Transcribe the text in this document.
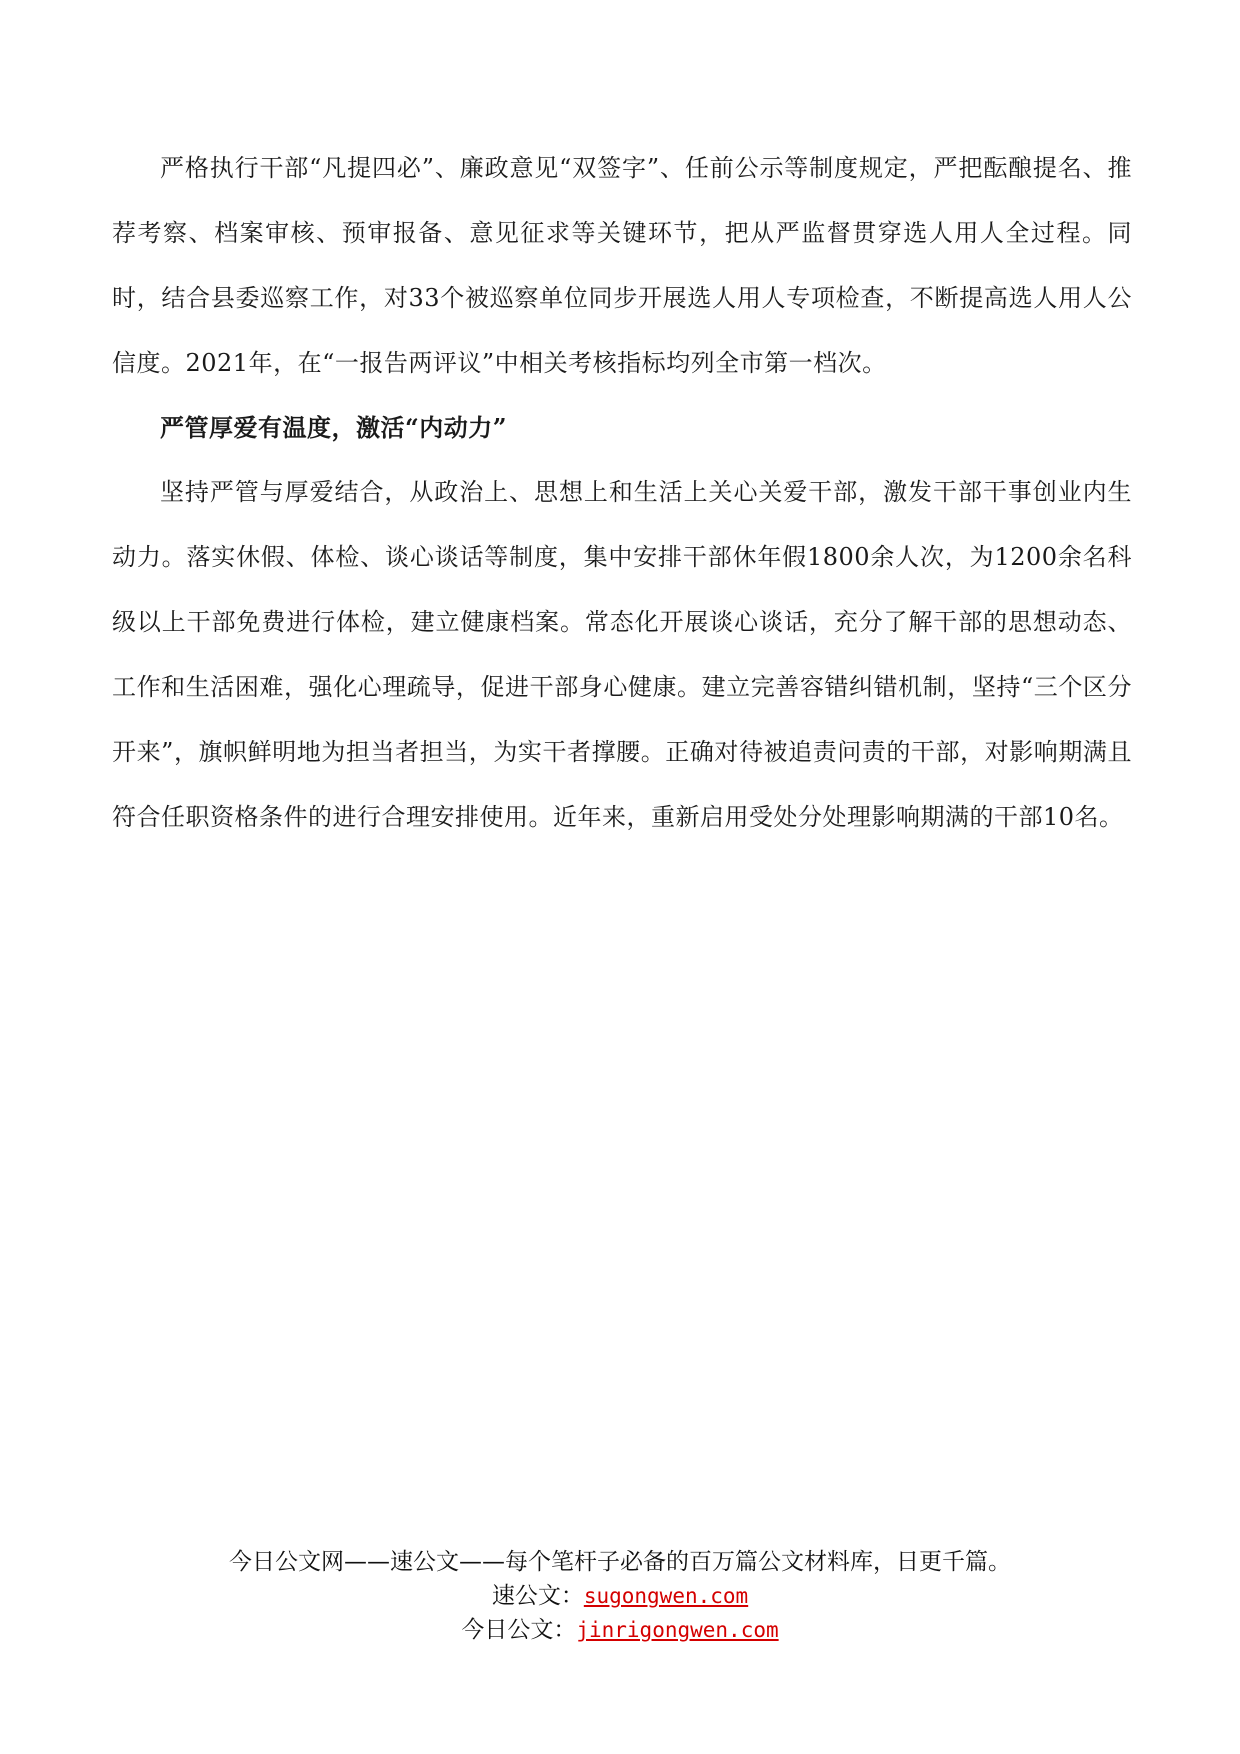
严格执行干部“凡提四必”、廉政意见“双签字”、任前公示等制度规定，严把酝酿提名、推荐考察、档案审核、预审报备、意见征求等关键环节，把从严监督贯穿选人用人全过程。同时，结合县委巡察工作，对33个被巡察单位同步开展选人用人专项检查，不断提高选人用人公信度。2021年，在“一报告两评议”中相关考核指标均列全市第一档次。

严管厚爱有温度，激活“内动力”

坚持严管与厚爱结合，从政治上、思想上和生活上关心关爱干部，激发干部干事创业内生动力。落实休假、体检、谈心谈话等制度，集中安排干部休年假1800余人次，为1200余名科级以上干部免费进行体检，建立健康档案。常态化开展谈心谈话，充分了解干部的思想动态、工作和生活困难，强化心理疏导，促进干部身心健康。建立完善容错纠错机制，坚持“三个区分开来”，旗帜鲜明地为担当者担当，为实干者撑腰。正确对待被追责问责的干部，对影响期满且符合任职资格条件的进行合理安排使用。近年来，重新启用受处分处理影响期满的干部10名。

今日公文网——速公文——每个笔杆子必备的百万篇公文材料库，日更千篇。
速公文：sugongwen.com
今日公文：jinrigongwen.com
